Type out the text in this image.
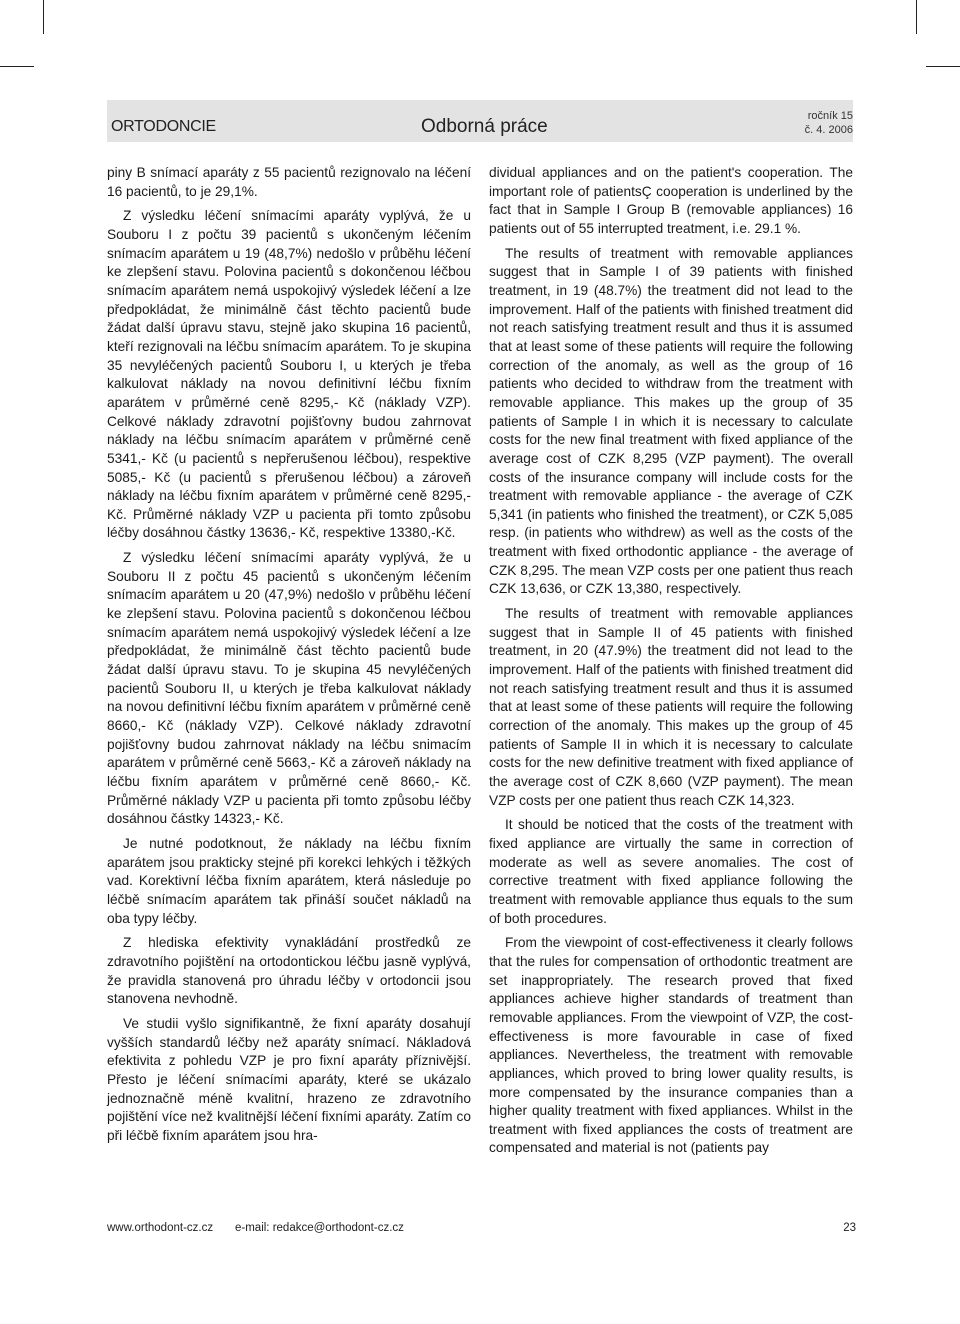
ORTODONCIE	Odborná práce	ročník 15
č. 4. 2006

piny B snímací aparáty z 55 pacientů rezignovalo na léčení 16 pacientů, to je 29,1%.

Z výsledku léčení snímacími aparáty vyplývá, že u Souboru I z počtu 39 pacientů s ukončeným léčením snímacím aparátem u 19 (48,7%) nedošlo v průběhu léčení ke zlepšení stavu. Polovina pacientů s dokončenou léčbou snímacím aparátem nemá uspokojivý výsledek léčení a lze předpokládat, že minimálně část těchto pacientů bude žádat další úpravu stavu, stejně jako skupina 16 pacientů, kteří rezignovali na léčbu snímacím aparátem. To je skupina 35 nevyléčených pacientů Souboru I, u kterých je třeba kalkulovat náklady na novou definitivní léčbu fixním aparátem v průměrné ceně 8295,- Kč (náklady VZP). Celkové náklady zdravotní pojišťovny budou zahrnovat náklady na léčbu snímacím aparátem v průměrné ceně 5341,- Kč (u pacientů s nepřerušenou léčbou), respektive 5085,- Kč (u pacientů s přerušenou léčbou) a zároveň náklady na léčbu fixním aparátem v průměrné ceně 8295,- Kč. Průměrné náklady VZP u pacienta při tomto způsobu léčby dosáhnou částky 13636,- Kč, respektive 13380,-Kč.

Z výsledku léčení snímacími aparáty vyplývá, že u Souboru II z počtu 45 pacientů s ukončeným léčením snímacím aparátem u 20 (47,9%) nedošlo v průběhu léčení ke zlepšení stavu. Polovina pacientů s dokončenou léčbou snímacím aparátem nemá uspokojivý výsledek léčení a lze předpokládat, že minimálně část těchto pacientů bude žádat další úpravu stavu. To je skupina 45 nevyléčených pacientů Souboru II, u kterých je třeba kalkulovat náklady na novou definitivní léčbu fixním aparátem v průměrné ceně 8660,- Kč (náklady VZP). Celkové náklady zdravotní pojišťovny budou zahrnovat náklady na léčbu snimacím aparátem v průměrné ceně 5663,- Kč a zároveň náklady na léčbu fixním aparátem v průměrné ceně 8660,- Kč. Průměrné náklady VZP u pacienta při tomto způsobu léčby dosáhnou částky 14323,- Kč.

Je nutné podotknout, že náklady na léčbu fixním aparátem jsou prakticky stejné při korekci lehkých i těžkých vad. Korektivní léčba fixním aparátem, která následuje po léčbě snímacím aparátem tak přináší součet nákladů na oba typy léčby.

Z hlediska efektivity vynakládání prostředků ze zdravotního pojištění na ortodontickou léčbu jasně vyplývá, že pravidla stanovená pro úhradu léčby v ortodoncii jsou stanovena nevhodně.

Ve studii vyšlo signifikantně, že fixní aparáty dosahují vyšších standardů léčby než aparáty snímací. Nákladová efektivita z pohledu VZP je pro fixní aparáty příznivější. Přesto je léčení snímacími aparáty, které se ukázalo jednoznačně méně kvalitní, hrazeno ze zdravotního pojištění více než kvalitnější léčení fixními aparáty. Zatím co při léčbě fixním aparátem jsou hra-

dividual appliances and on the patient's cooperation. The important role of patientsÇ cooperation is underlined by the fact that in Sample I Group B (removable appliances) 16 patients out of 55 interrupted treatment, i.e. 29.1 %.

The results of treatment with removable appliances suggest that in Sample I of 39 patients with finished treatment, in 19 (48.7%) the treatment did not lead to the improvement. Half of the patients with finished treatment did not reach satisfying treatment result and thus it is assumed that at least some of these patients will require the following correction of the anomaly, as well as the group of 16 patients who decided to withdraw from the treatment with removable appliance. This makes up the group of 35 patients of Sample I in which it is necessary to calculate costs for the new final treatment with fixed appliance of the average cost of CZK 8,295 (VZP payment). The overall costs of the insurance company will include costs for the treatment with removable appliance - the average of CZK 5,341 (in patients who finished the treatment), or CZK 5,085 resp. (in patients who withdrew) as well as the costs of the treatment with fixed orthodontic appliance - the average of CZK 8,295. The mean VZP costs per one patient thus reach CZK 13,636, or CZK 13,380, respectively.

The results of treatment with removable appliances suggest that in Sample II of 45 patients with finished treatment, in 20 (47.9%) the treatment did not lead to the improvement. Half of the patients with finished treatment did not reach satisfying treatment result and thus it is assumed that at least some of these patients will require the following correction of the anomaly. This makes up the group of 45 patients of Sample II in which it is necessary to calculate costs for the new definitive treatment with fixed appliance of the average cost of CZK 8,660 (VZP payment). The mean VZP costs per one patient thus reach CZK 14,323.

It should be noticed that the costs of the treatment with fixed appliance are virtually the same in correction of moderate as well as severe anomalies. The cost of corrective treatment with fixed appliance following the treatment with removable appliance thus equals to the sum of both procedures.

From the viewpoint of cost-effectiveness it clearly follows that the rules for compensation of orthodontic treatment are set inappropriately. The research proved that fixed appliances achieve higher standards of treatment than removable appliances. From the viewpoint of VZP, the cost-effectiveness is more favourable in case of fixed appliances. Nevertheless, the treatment with removable appliances, which proved to bring lower quality results, is more compensated by the insurance companies than a higher quality treatment with fixed appliances. Whilst in the treatment with fixed appliances the costs of treatment are compensated and material is not (patients pay

www.orthodont-cz.cz e-mail: redakce@orthodont-cz.cz	23
